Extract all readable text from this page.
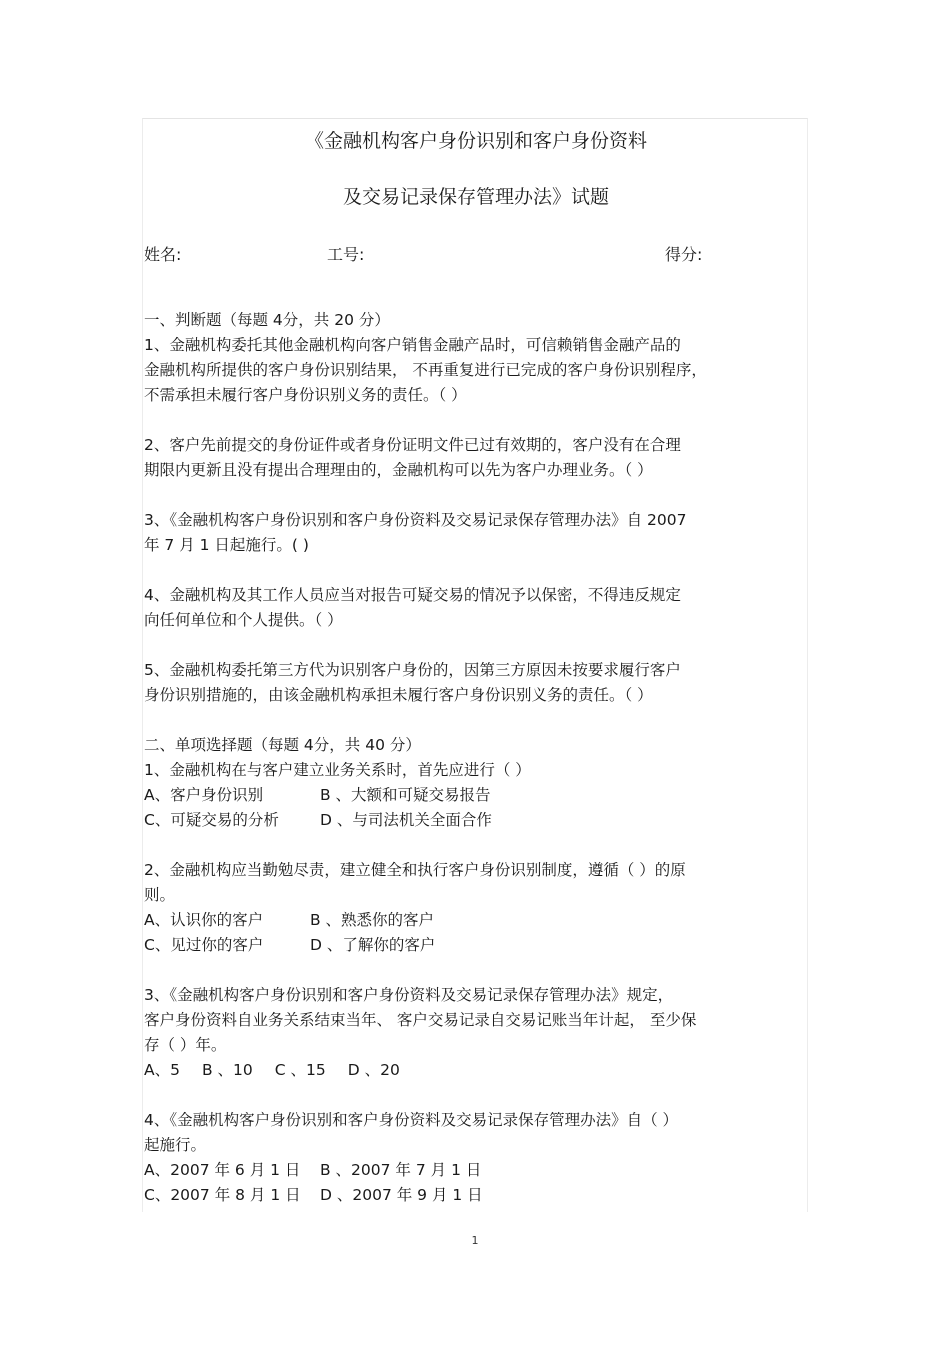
《金融机构客户身份识别和客户身份资料

及交易记录保存管理办法》试题

姓名:	工号:	得分:

一、判断题（每题 4分，共 20 分）

1、金融机构委托其他金融机构向客户销售金融产品时，可信赖销售金融产品的
金融机构所提供的客户身份识别结果， 不再重复进行已完成的客户身份识别程序，
不需承担未履行客户身份识别义务的责任。（ ）
2、客户先前提交的身份证件或者身份证明文件已过有效期的，客户没有在合理
期限内更新且没有提出合理理由的，金融机构可以先为客户办理业务。（ ）
3、《金融机构客户身份识别和客户身份资料及交易记录保存管理办法》自 2007
年 7 月 1 日起施行。( )
4、金融机构及其工作人员应当对报告可疑交易的情况予以保密，不得违反规定
向任何单位和个人提供。（ ）
5、金融机构委托第三方代为识别客户身份的，因第三方原因未按要求履行客户
身份识别措施的，由该金融机构承担未履行客户身份识别义务的责任。（ ）

二、单项选择题（每题 4分，共 40 分）

1、金融机构在与客户建立业务关系时，首先应进行（ ）
A、客户身份识别	B 、大额和可疑交易报告
C、可疑交易的分析	D 、与司法机关全面合作
2、金融机构应当勤勉尽责，建立健全和执行客户身份识别制度，遵循（ ）的原
则。
A、认识你的客户	B 、熟悉你的客户
C、见过你的客户	D 、了解你的客户
3、《金融机构客户身份识别和客户身份资料及交易记录保存管理办法》规定，
客户身份资料自业务关系结束当年、 客户交易记录自交易记账当年计起， 至少保
存（ ）年。
A、5 B 、10 C 、15 D 、20
4、《金融机构客户身份识别和客户身份资料及交易记录保存管理办法》自（ ）
起施行。
A、2007 年 6 月 1 日 B 、2007 年 7 月 1 日
C、2007 年 8 月 1 日 D 、2007 年 9 月 1 日
1
